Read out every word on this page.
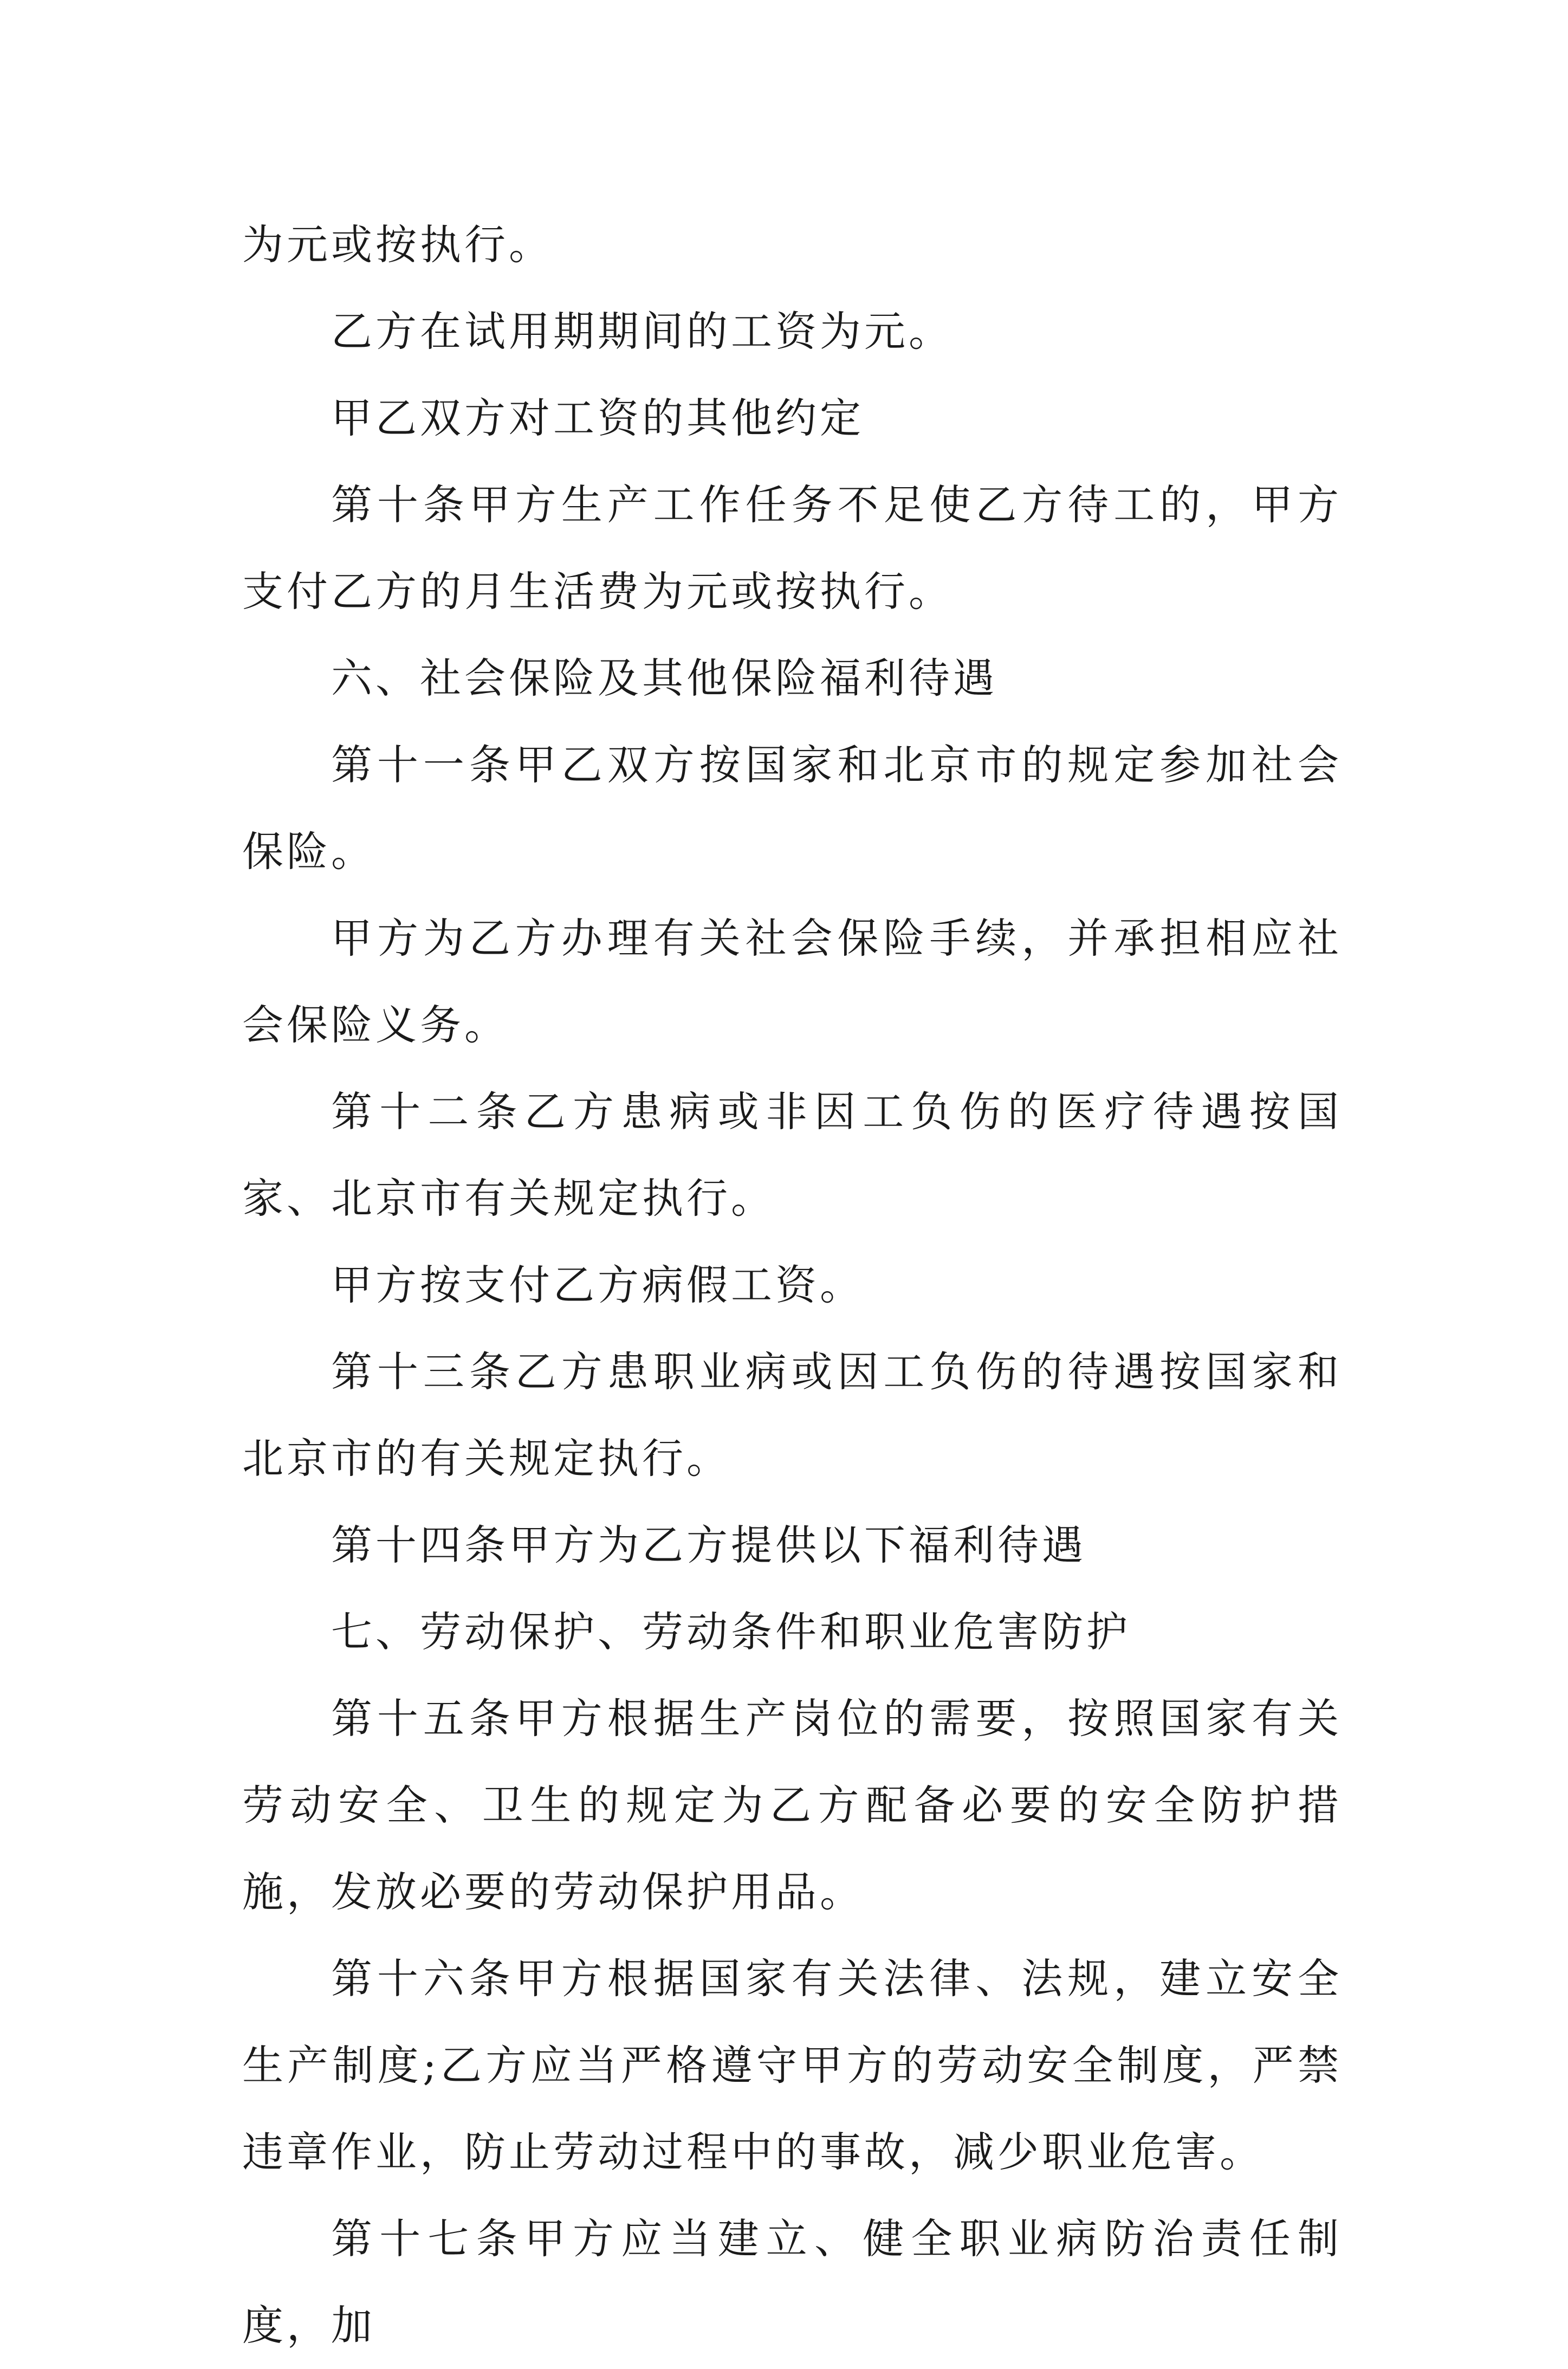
为元或按执行。

乙方在试用期期间的工资为元。

甲乙双方对工资的其他约定

第十条甲方生产工作任务不足使乙方待工的，甲方支付乙方的月生活费为元或按执行。

六、社会保险及其他保险福利待遇

第十一条甲乙双方按国家和北京市的规定参加社会保险。

甲方为乙方办理有关社会保险手续，并承担相应社会保险义务。

第十二条乙方患病或非因工负伤的医疗待遇按国家、北京市有关规定执行。

甲方按支付乙方病假工资。

第十三条乙方患职业病或因工负伤的待遇按国家和北京市的有关规定执行。

第十四条甲方为乙方提供以下福利待遇

七、劳动保护、劳动条件和职业危害防护

第十五条甲方根据生产岗位的需要，按照国家有关劳动安全、卫生的规定为乙方配备必要的安全防护措施，发放必要的劳动保护用品。

第十六条甲方根据国家有关法律、法规，建立安全生产制度;乙方应当严格遵守甲方的劳动安全制度，严禁违章作业，防止劳动过程中的事故，减少职业危害。

第十七条甲方应当建立、健全职业病防治责任制度，加
